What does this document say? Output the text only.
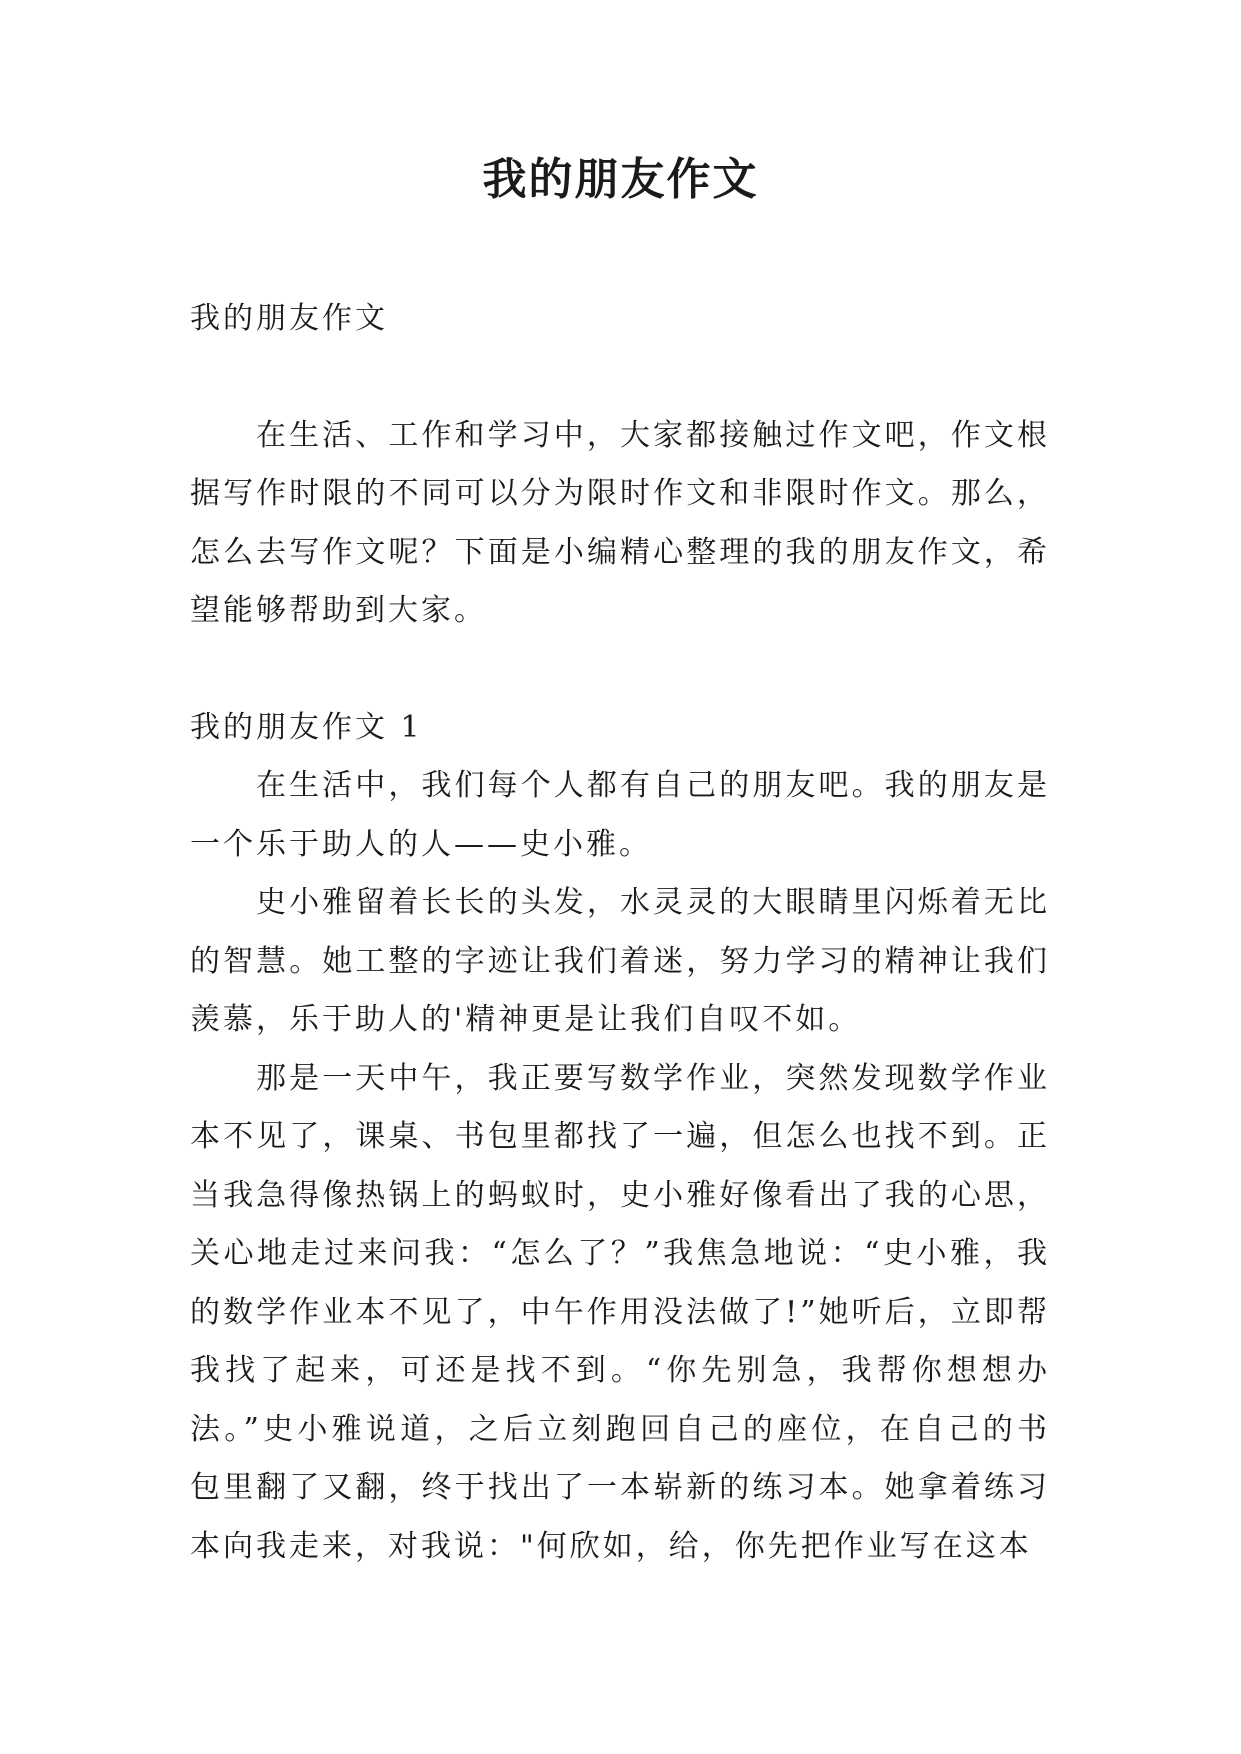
我的朋友作文

我的朋友作文

在生活、工作和学习中，大家都接触过作文吧，作文根据写作时限的不同可以分为限时作文和非限时作文。那么，怎么去写作文呢？下面是小编精心整理的我的朋友作文，希望能够帮助到大家。

我的朋友作文 1

在生活中，我们每个人都有自己的朋友吧。我的朋友是一个乐于助人的人——史小雅。

史小雅留着长长的头发，水灵灵的大眼睛里闪烁着无比的智慧。她工整的字迹让我们着迷，努力学习的精神让我们羡慕，乐于助人的'精神更是让我们自叹不如。

那是一天中午，我正要写数学作业，突然发现数学作业本不见了，课桌、书包里都找了一遍，但怎么也找不到。正当我急得像热锅上的蚂蚁时，史小雅好像看出了我的心思，关心地走过来问我：“怎么了？”我焦急地说：“史小雅，我的数学作业本不见了，中午作用没法做了!”她听后，立即帮我找了起来，可还是找不到。“你先别急，我帮你想想办法。”史小雅说道，之后立刻跑回自己的座位，在自己的书包里翻了又翻，终于找出了一本崭新的练习本。她拿着练习本向我走来，对我说："何欣如，给，你先把作业写在这本
